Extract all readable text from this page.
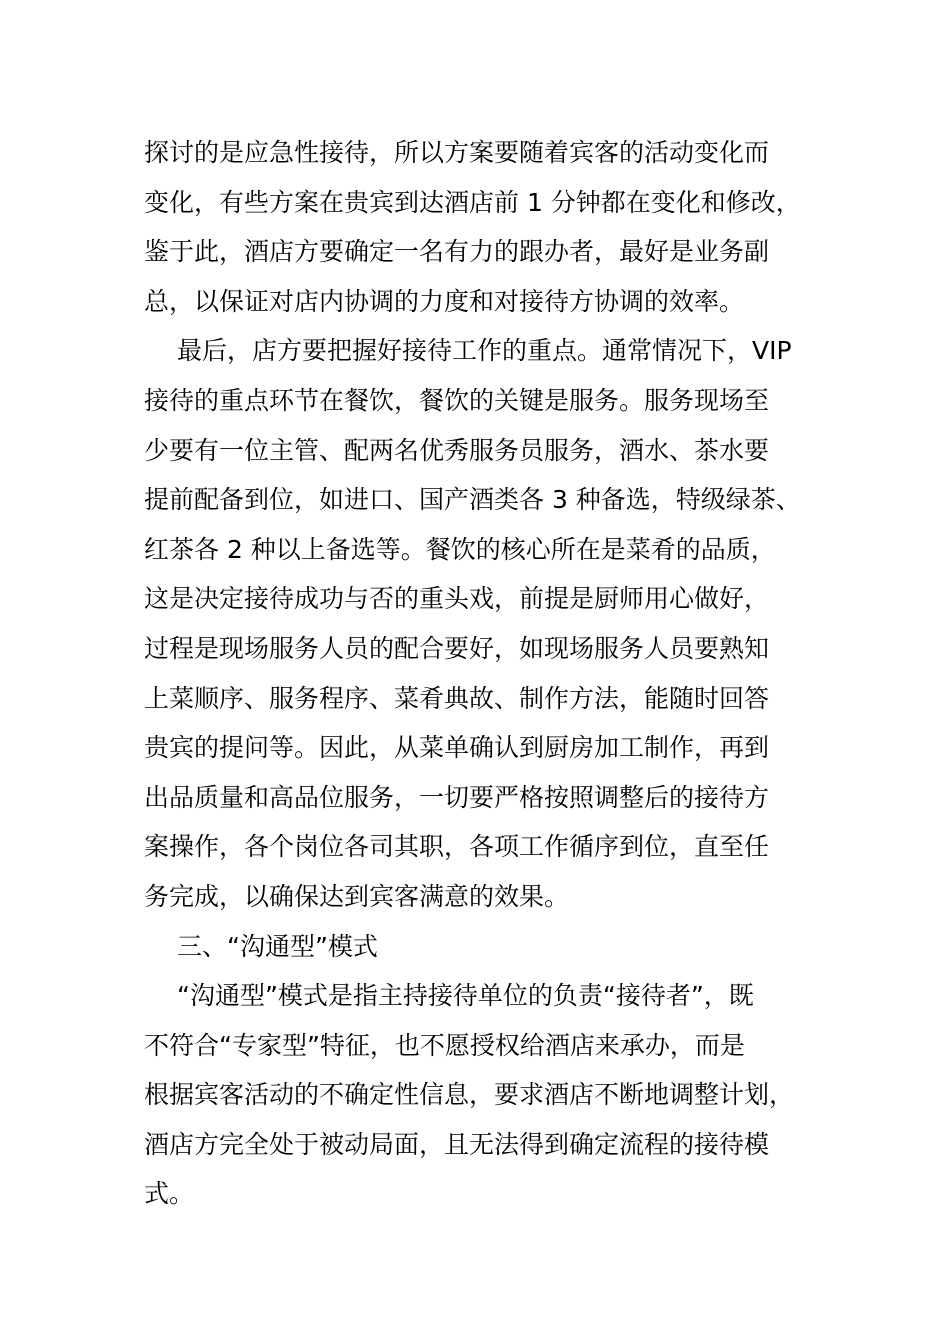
探讨的是应急性接待，所以方案要随着宾客的活动变化而
变化，有些方案在贵宾到达酒店前 1 分钟都在变化和修改，
鉴于此，酒店方要确定一名有力的跟办者，最好是业务副
总，以保证对店内协调的力度和对接待方协调的效率。
最后，店方要把握好接待工作的重点。通常情况下，VIP
接待的重点环节在餐饮，餐饮的关键是服务。服务现场至
少要有一位主管、配两名优秀服务员服务，酒水、茶水要
提前配备到位，如进口、国产酒类各 3 种备选，特级绿茶、
红茶各 2 种以上备选等。餐饮的核心所在是菜肴的品质，
这是决定接待成功与否的重头戏，前提是厨师用心做好，
过程是现场服务人员的配合要好，如现场服务人员要熟知
上菜顺序、服务程序、菜肴典故、制作方法，能随时回答
贵宾的提问等。因此，从菜单确认到厨房加工制作，再到
出品质量和高品位服务，一切要严格按照调整后的接待方
案操作，各个岗位各司其职，各项工作循序到位，直至任
务完成，以确保达到宾客满意的效果。
三、“沟通型”模式
“沟通型”模式是指主持接待单位的负责“接待者”，既
不符合“专家型”特征，也不愿授权给酒店来承办，而是
根据宾客活动的不确定性信息，要求酒店不断地调整计划，
酒店方完全处于被动局面，且无法得到确定流程的接待模
式。
